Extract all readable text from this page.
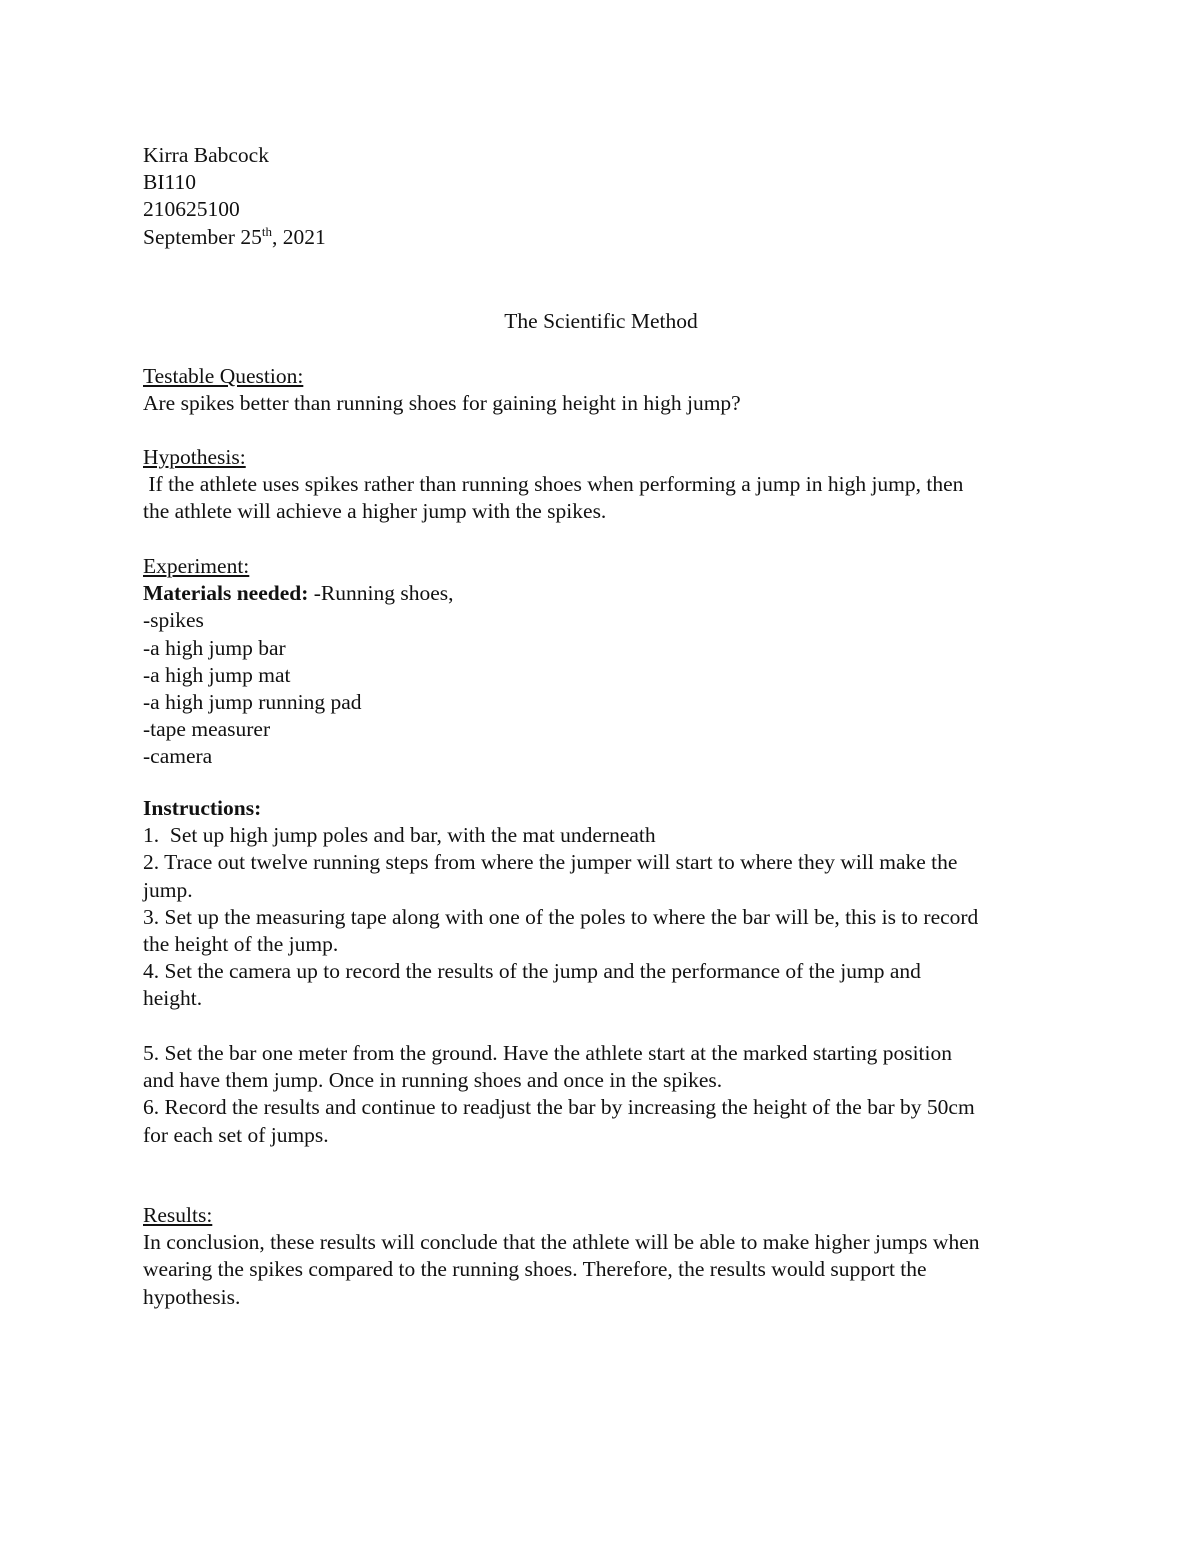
Kirra Babcock
BI110
210625100
September 25th, 2021
The Scientific Method
Testable Question:
Are spikes better than running shoes for gaining height in high jump?
Hypothesis:
If the athlete uses spikes rather than running shoes when performing a jump in high jump, then
the athlete will achieve a higher jump with the spikes.
Experiment:
Materials needed: -Running shoes,
-spikes
-a high jump bar
-a high jump mat
-a high jump running pad
-tape measurer
-camera
Instructions:
1.  Set up high jump poles and bar, with the mat underneath
2. Trace out twelve running steps from where the jumper will start to where they will make the
jump.
3. Set up the measuring tape along with one of the poles to where the bar will be, this is to record
the height of the jump.
4. Set the camera up to record the results of the jump and the performance of the jump and
height.
5. Set the bar one meter from the ground. Have the athlete start at the marked starting position
and have them jump. Once in running shoes and once in the spikes.
6. Record the results and continue to readjust the bar by increasing the height of the bar by 50cm
for each set of jumps.
Results:
In conclusion, these results will conclude that the athlete will be able to make higher jumps when
wearing the spikes compared to the running shoes. Therefore, the results would support the
hypothesis.
